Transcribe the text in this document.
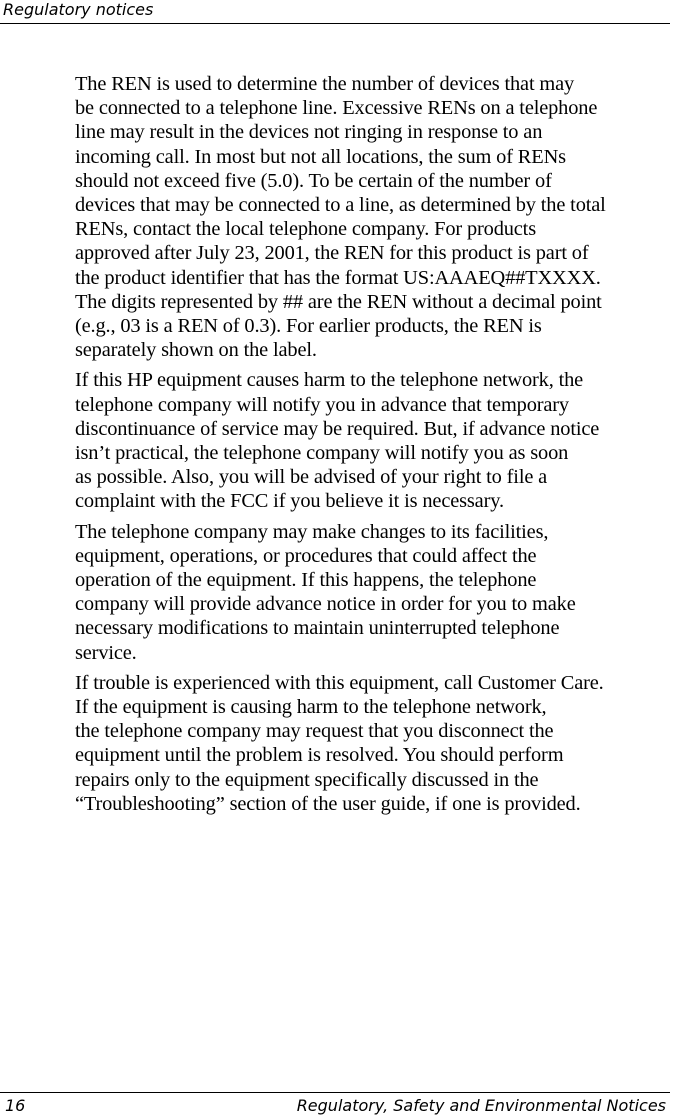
Regulatory notices

The REN is used to determine the number of devices that may
be connected to a telephone line. Excessive RENs on a telephone
line may result in the devices not ringing in response to an
incoming call. In most but not all locations, the sum of RENs
should not exceed five (5.0). To be certain of the number of
devices that may be connected to a line, as determined by the total
RENs, contact the local telephone company. For products
approved after July 23, 2001, the REN for this product is part of
the product identifier that has the format US:AAAEQ##TXXXX.
The digits represented by ## are the REN without a decimal point
(e.g., 03 is a REN of 0.3). For earlier products, the REN is
separately shown on the label.

If this HP equipment causes harm to the telephone network, the
telephone company will notify you in advance that temporary
discontinuance of service may be required. But, if advance notice
isn’t practical, the telephone company will notify you as soon
as possible. Also, you will be advised of your right to file a
complaint with the FCC if you believe it is necessary.

The telephone company may make changes to its facilities,
equipment, operations, or procedures that could affect the
operation of the equipment. If this happens, the telephone
company will provide advance notice in order for you to make
necessary modifications to maintain uninterrupted telephone
service.

If trouble is experienced with this equipment, call Customer Care.
If the equipment is causing harm to the telephone network,
the telephone company may request that you disconnect the
equipment until the problem is resolved. You should perform
repairs only to the equipment specifically discussed in the
“Troubleshooting” section of the user guide, if one is provided.

16	Regulatory, Safety and Environmental Notices
